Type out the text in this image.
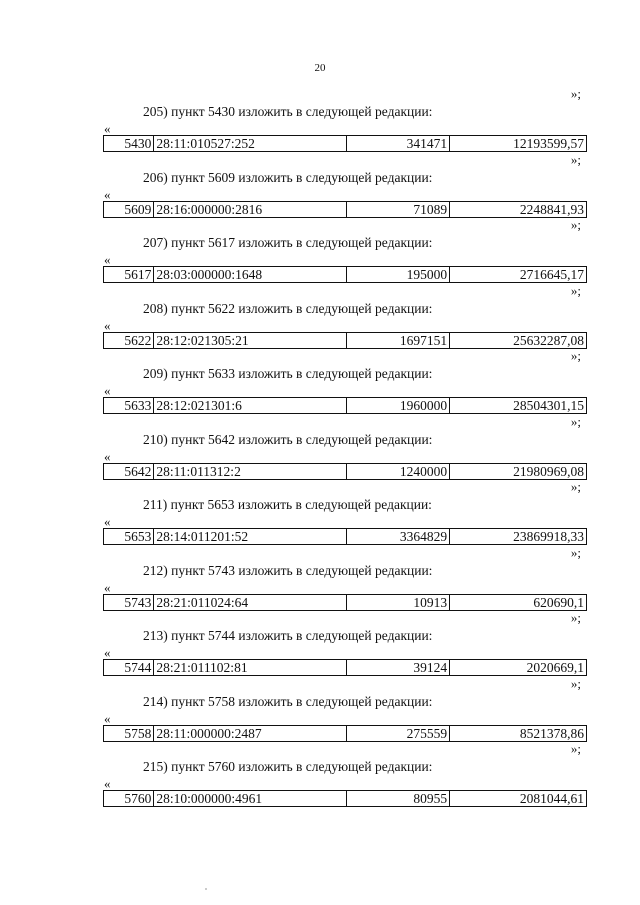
20
»;
205) пункт 5430 изложить в следующей редакции:
«
5430	28:11:010527:252	341471	12193599,57
»;
206) пункт 5609 изложить в следующей редакции:
«
5609	28:16:000000:2816	71089	2248841,93
»;
207) пункт 5617 изложить в следующей редакции:
«
5617	28:03:000000:1648	195000	2716645,17
»;
208) пункт 5622 изложить в следующей редакции:
«
5622	28:12:021305:21	1697151	25632287,08
»;
209) пункт 5633 изложить в следующей редакции:
«
5633	28:12:021301:6	1960000	28504301,15
»;
210) пункт 5642 изложить в следующей редакции:
«
5642	28:11:011312:2	1240000	21980969,08
»;
211) пункт 5653 изложить в следующей редакции:
«
5653	28:14:011201:52	3364829	23869918,33
»;
212) пункт 5743 изложить в следующей редакции:
«
5743	28:21:011024:64	10913	620690,1
»;
213) пункт 5744 изложить в следующей редакции:
«
5744	28:21:011102:81	39124	2020669,1
»;
214) пункт 5758 изложить в следующей редакции:
«
5758	28:11:000000:2487	275559	8521378,86
»;
215) пункт 5760 изложить в следующей редакции:
«
5760	28:10:000000:4961	80955	2081044,61
